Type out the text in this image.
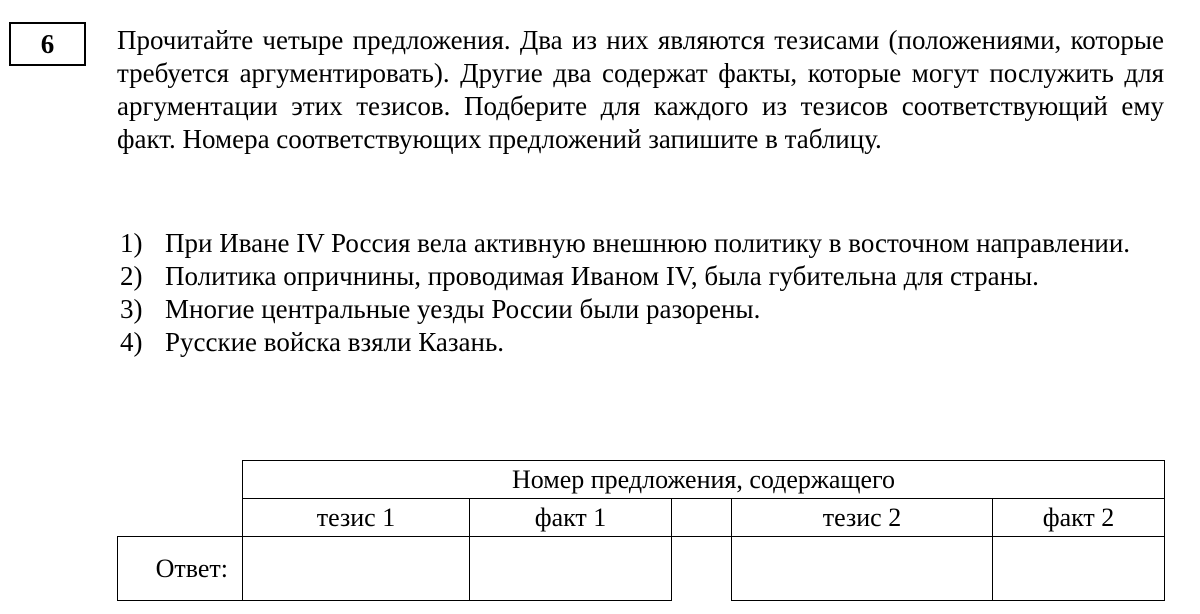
6 Прочитайте четыре предложения. Два из них являются тезисами (положениями, которые требуется аргументировать). Другие два содержат факты, которые могут послужить для аргументации этих тезисов. Подберите для каждого из тезисов соответствующий ему факт. Номера соответствующих предложений запишите в таблицу.

1) При Иване IV Россия вела активную внешнюю политику в восточном направлении.
2) Политика опричнины, проводимая Иваном IV, была губительна для страны.
3) Многие центральные уезды России были разорены.
4) Русские войска взяли Казань.
	Номер предложения, содержащего				
	тезис 1	факт 1		тезис 2	факт 2
Ответ:					
